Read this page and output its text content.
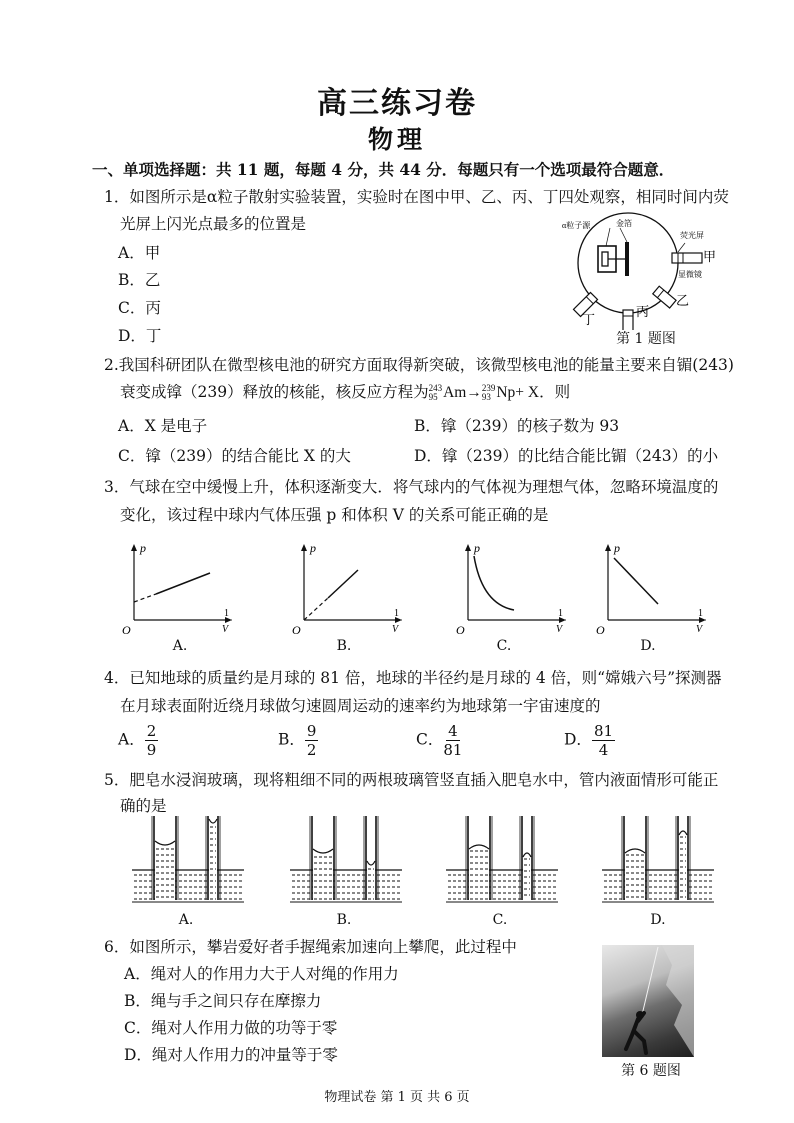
高三练习卷
物理
一、单项选择题：共 11 题，每题 4 分，共 44 分．每题只有一个选项最符合题意．
1．如图所示是α粒子散射实验装置，实验时在图中甲、乙、丙、丁四处观察，相同时间内荧
光屏上闪光点最多的位置是
A．甲
B．乙
C．丙
D．丁
α粒子源	金箔
荧光屏
显微镜
甲
乙
丙
丁
第 1 题图
2.我国科研团队在微型核电池的研究方面取得新突破，该微型核电池的能量主要来自镅(243)
衰变成镎（239）释放的核能，核反应方程为 243
95 Am→ 239
93 Np+ X．则
A．X 是电子	B．镎（239）的核子数为 93
C．镎（239）的结合能比 X 的大	D．镎（239）的比结合能比镅（243）的小
3．气球在空中缓慢上升，体积逐渐变大．将气球内的气体视为理想气体，忽略环境温度的
变化，该过程中球内气体压强 p 和体积 V 的关系可能正确的是
p
O
1
V
A.
p
O
1
V
B.
p
O
1
V
C.
p
O
1
V
D.
4．已知地球的质量约是月球的 81 倍，地球的半径约是月球的 4 倍，则“嫦娥六号”探测器
在月球表面附近绕月球做匀速圆周运动的速率约为地球第一宇宙速度的
A． $\frac{2}{9}$	B． $\frac{9}{2}$	C． $\frac{4}{81}$	D． $\frac{81}{4}$
5．肥皂水浸润玻璃，现将粗细不同的两根玻璃管竖直插入肥皂水中，管内液面情形可能正
确的是
A.	B.	C.	D.
6．如图所示，攀岩爱好者手握绳索加速向上攀爬，此过程中
A．绳对人的作用力大于人对绳的作用力
B．绳与手之间只存在摩擦力
C．绳对人作用力做的功等于零
D．绳对人作用力的冲量等于零
第 6 题图
物理试卷 第 1 页 共 6 页
